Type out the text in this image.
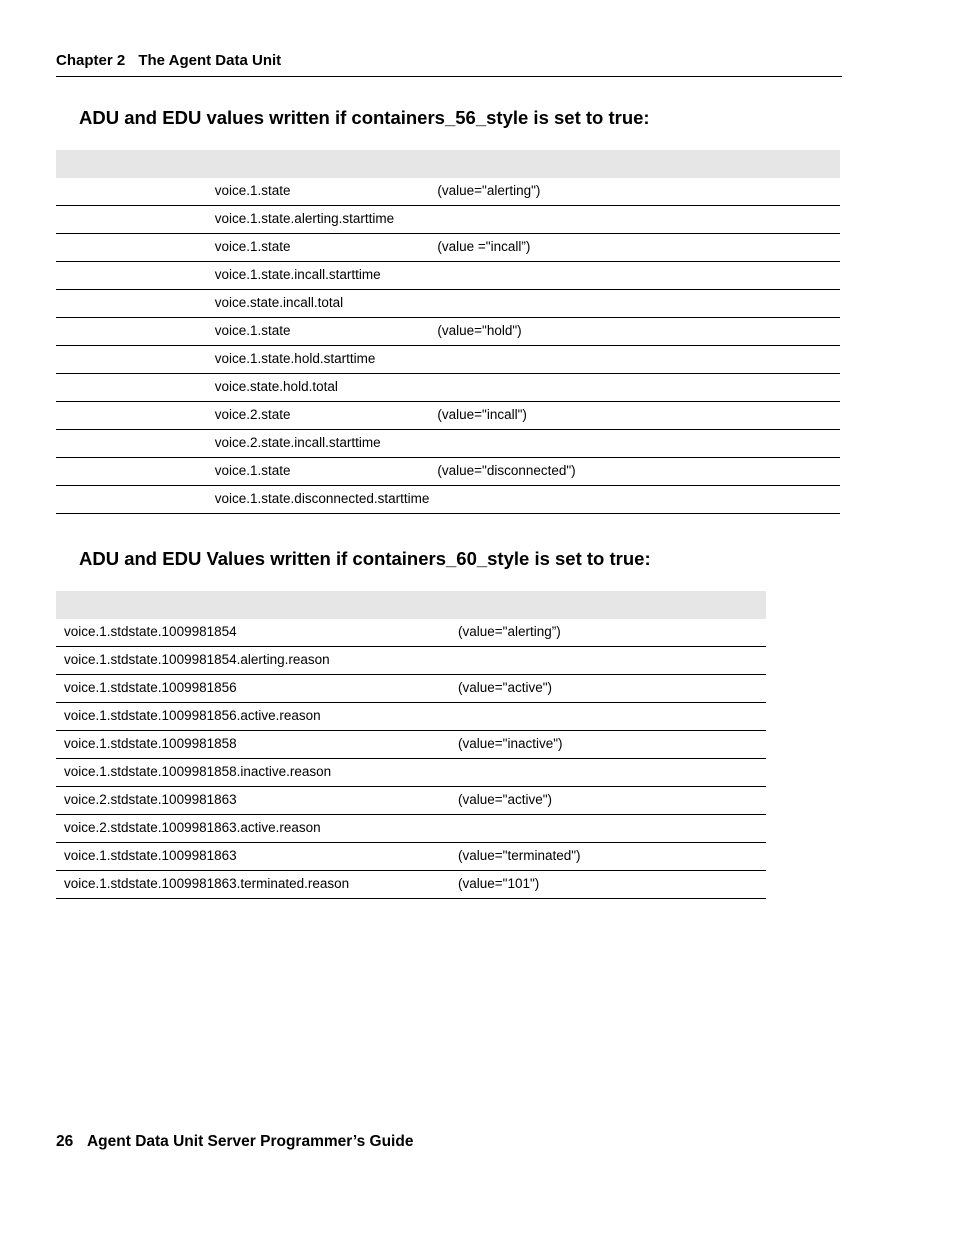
Chapter 2 The Agent Data Unit
ADU and EDU values written if containers_56_style is set to true:

	voice.1.state	(value="alerting")
	voice.1.state.alerting.starttime	
	voice.1.state	(value ="incall”)
	voice.1.state.incall.starttime	
	voice.state.incall.total	
	voice.1.state	(value="hold")
	voice.1.state.hold.starttime	
	voice.state.hold.total	
	voice.2.state	(value="incall")
	voice.2.state.incall.starttime	
	voice.1.state	(value="disconnected")
	voice.1.state.disconnected.starttime	
ADU and EDU Values written if containers_60_style is set to true:

voice.1.stdstate.1009981854	(value="alerting”)
voice.1.stdstate.1009981854.alerting.reason	
voice.1.stdstate.1009981856	(value="active")
voice.1.stdstate.1009981856.active.reason	
voice.1.stdstate.1009981858	(value="inactive")
voice.1.stdstate.1009981858.inactive.reason	
voice.2.stdstate.1009981863	(value="active")
voice.2.stdstate.1009981863.active.reason	
voice.1.stdstate.1009981863	(value="terminated")
voice.1.stdstate.1009981863.terminated.reason	(value="101")
26 Agent Data Unit Server Programmer’s Guide
